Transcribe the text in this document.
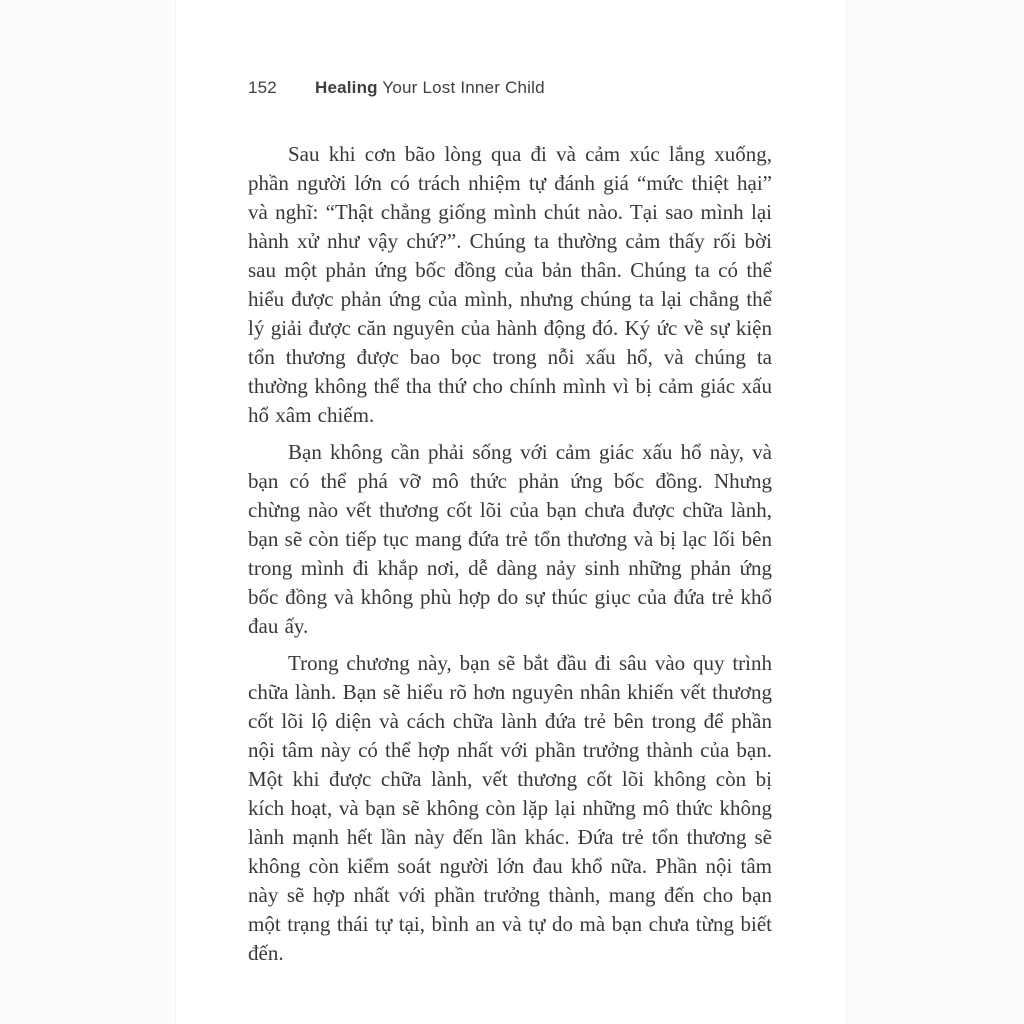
152 Healing Your Lost Inner Child

Sau khi cơn bão lòng qua đi và cảm xúc lắng xuống, phần người lớn có trách nhiệm tự đánh giá “mức thiệt hại” và nghĩ: “Thật chẳng giống mình chút nào. Tại sao mình lại hành xử như vậy chứ?”. Chúng ta thường cảm thấy rối bời sau một phản ứng bốc đồng của bản thân. Chúng ta có thể hiểu được phản ứng của mình, nhưng chúng ta lại chẳng thể lý giải được căn nguyên của hành động đó. Ký ức về sự kiện tổn thương được bao bọc trong nỗi xấu hổ, và chúng ta thường không thể tha thứ cho chính mình vì bị cảm giác xấu hổ xâm chiếm.

Bạn không cần phải sống với cảm giác xấu hổ này, và bạn có thể phá vỡ mô thức phản ứng bốc đồng. Nhưng chừng nào vết thương cốt lõi của bạn chưa được chữa lành, bạn sẽ còn tiếp tục mang đứa trẻ tổn thương và bị lạc lối bên trong mình đi khắp nơi, dễ dàng nảy sinh những phản ứng bốc đồng và không phù hợp do sự thúc giục của đứa trẻ khổ đau ấy.

Trong chương này, bạn sẽ bắt đầu đi sâu vào quy trình chữa lành. Bạn sẽ hiểu rõ hơn nguyên nhân khiến vết thương cốt lõi lộ diện và cách chữa lành đứa trẻ bên trong để phần nội tâm này có thể hợp nhất với phần trưởng thành của bạn. Một khi được chữa lành, vết thương cốt lõi không còn bị kích hoạt, và bạn sẽ không còn lặp lại những mô thức không lành mạnh hết lần này đến lần khác. Đứa trẻ tổn thương sẽ không còn kiểm soát người lớn đau khổ nữa. Phần nội tâm này sẽ hợp nhất với phần trưởng thành, mang đến cho bạn một trạng thái tự tại, bình an và tự do mà bạn chưa từng biết đến.
